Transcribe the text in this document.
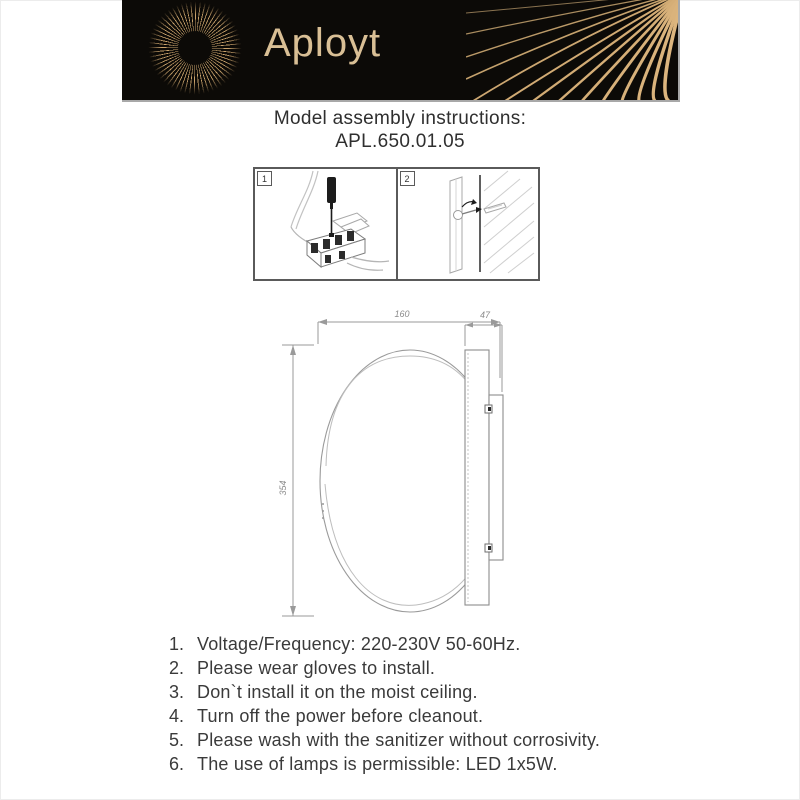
Aployt
Model assembly instructions:
APL.650.01.05
1	2
160
354
47
1. Voltage/Frequency: 220-230V 50-60Hz.
2. Please wear gloves to install.
3. Don`t install it on the moist ceiling.
4. Turn off the power before cleanout.
5. Please wash with the sanitizer without corrosivity.
6. The use of lamps is permissible: LED 1x5W.
